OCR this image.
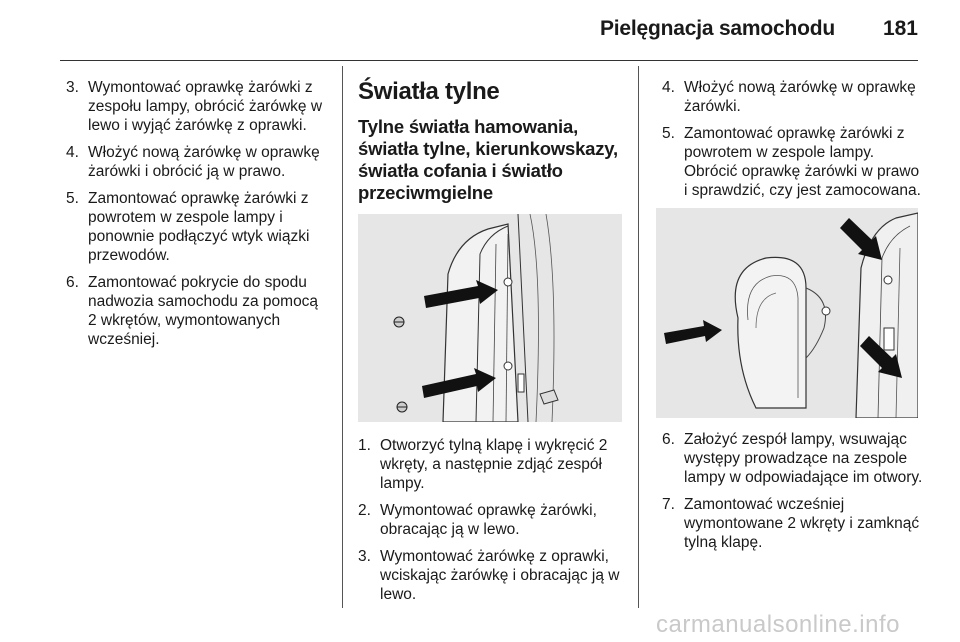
Pielęgnacja samochodu 181
3. Wymontować oprawkę żarówki z zespołu lampy, obrócić żarówkę w lewo i wyjąć żarówkę z oprawki.
4. Włożyć nową żarówkę w oprawkę żarówki i obrócić ją w prawo.
5. Zamontować oprawkę żarówki z powrotem w zespole lampy i ponownie podłączyć wtyk wiązki przewodów.
6. Zamontować pokrycie do spodu nadwozia samochodu za pomocą 2 wkrętów, wymontowanych wcześniej.
Światła tylne
Tylne światła hamowania, światła tylne, kierunkowskazy, światła cofania i światło przeciwmgielne
1. Otworzyć tylną klapę i wykręcić 2 wkręty, a następnie zdjąć zespół lampy.
2. Wymontować oprawkę żarówki, obracając ją w lewo.
3. Wymontować żarówkę z oprawki, wciskając żarówkę i obracając ją w lewo.
4. Włożyć nową żarówkę w oprawkę żarówki.
5. Zamontować oprawkę żarówki z powrotem w zespole lampy. Obrócić oprawkę żarówki w prawo i sprawdzić, czy jest zamocowana.
6. Założyć zespół lampy, wsuwając występy prowadzące na zespole lampy w odpowiadające im otwory.
7. Zamontować wcześniej wymontowane 2 wkręty i zamknąć tylną klapę.
carmanualsonline.info
